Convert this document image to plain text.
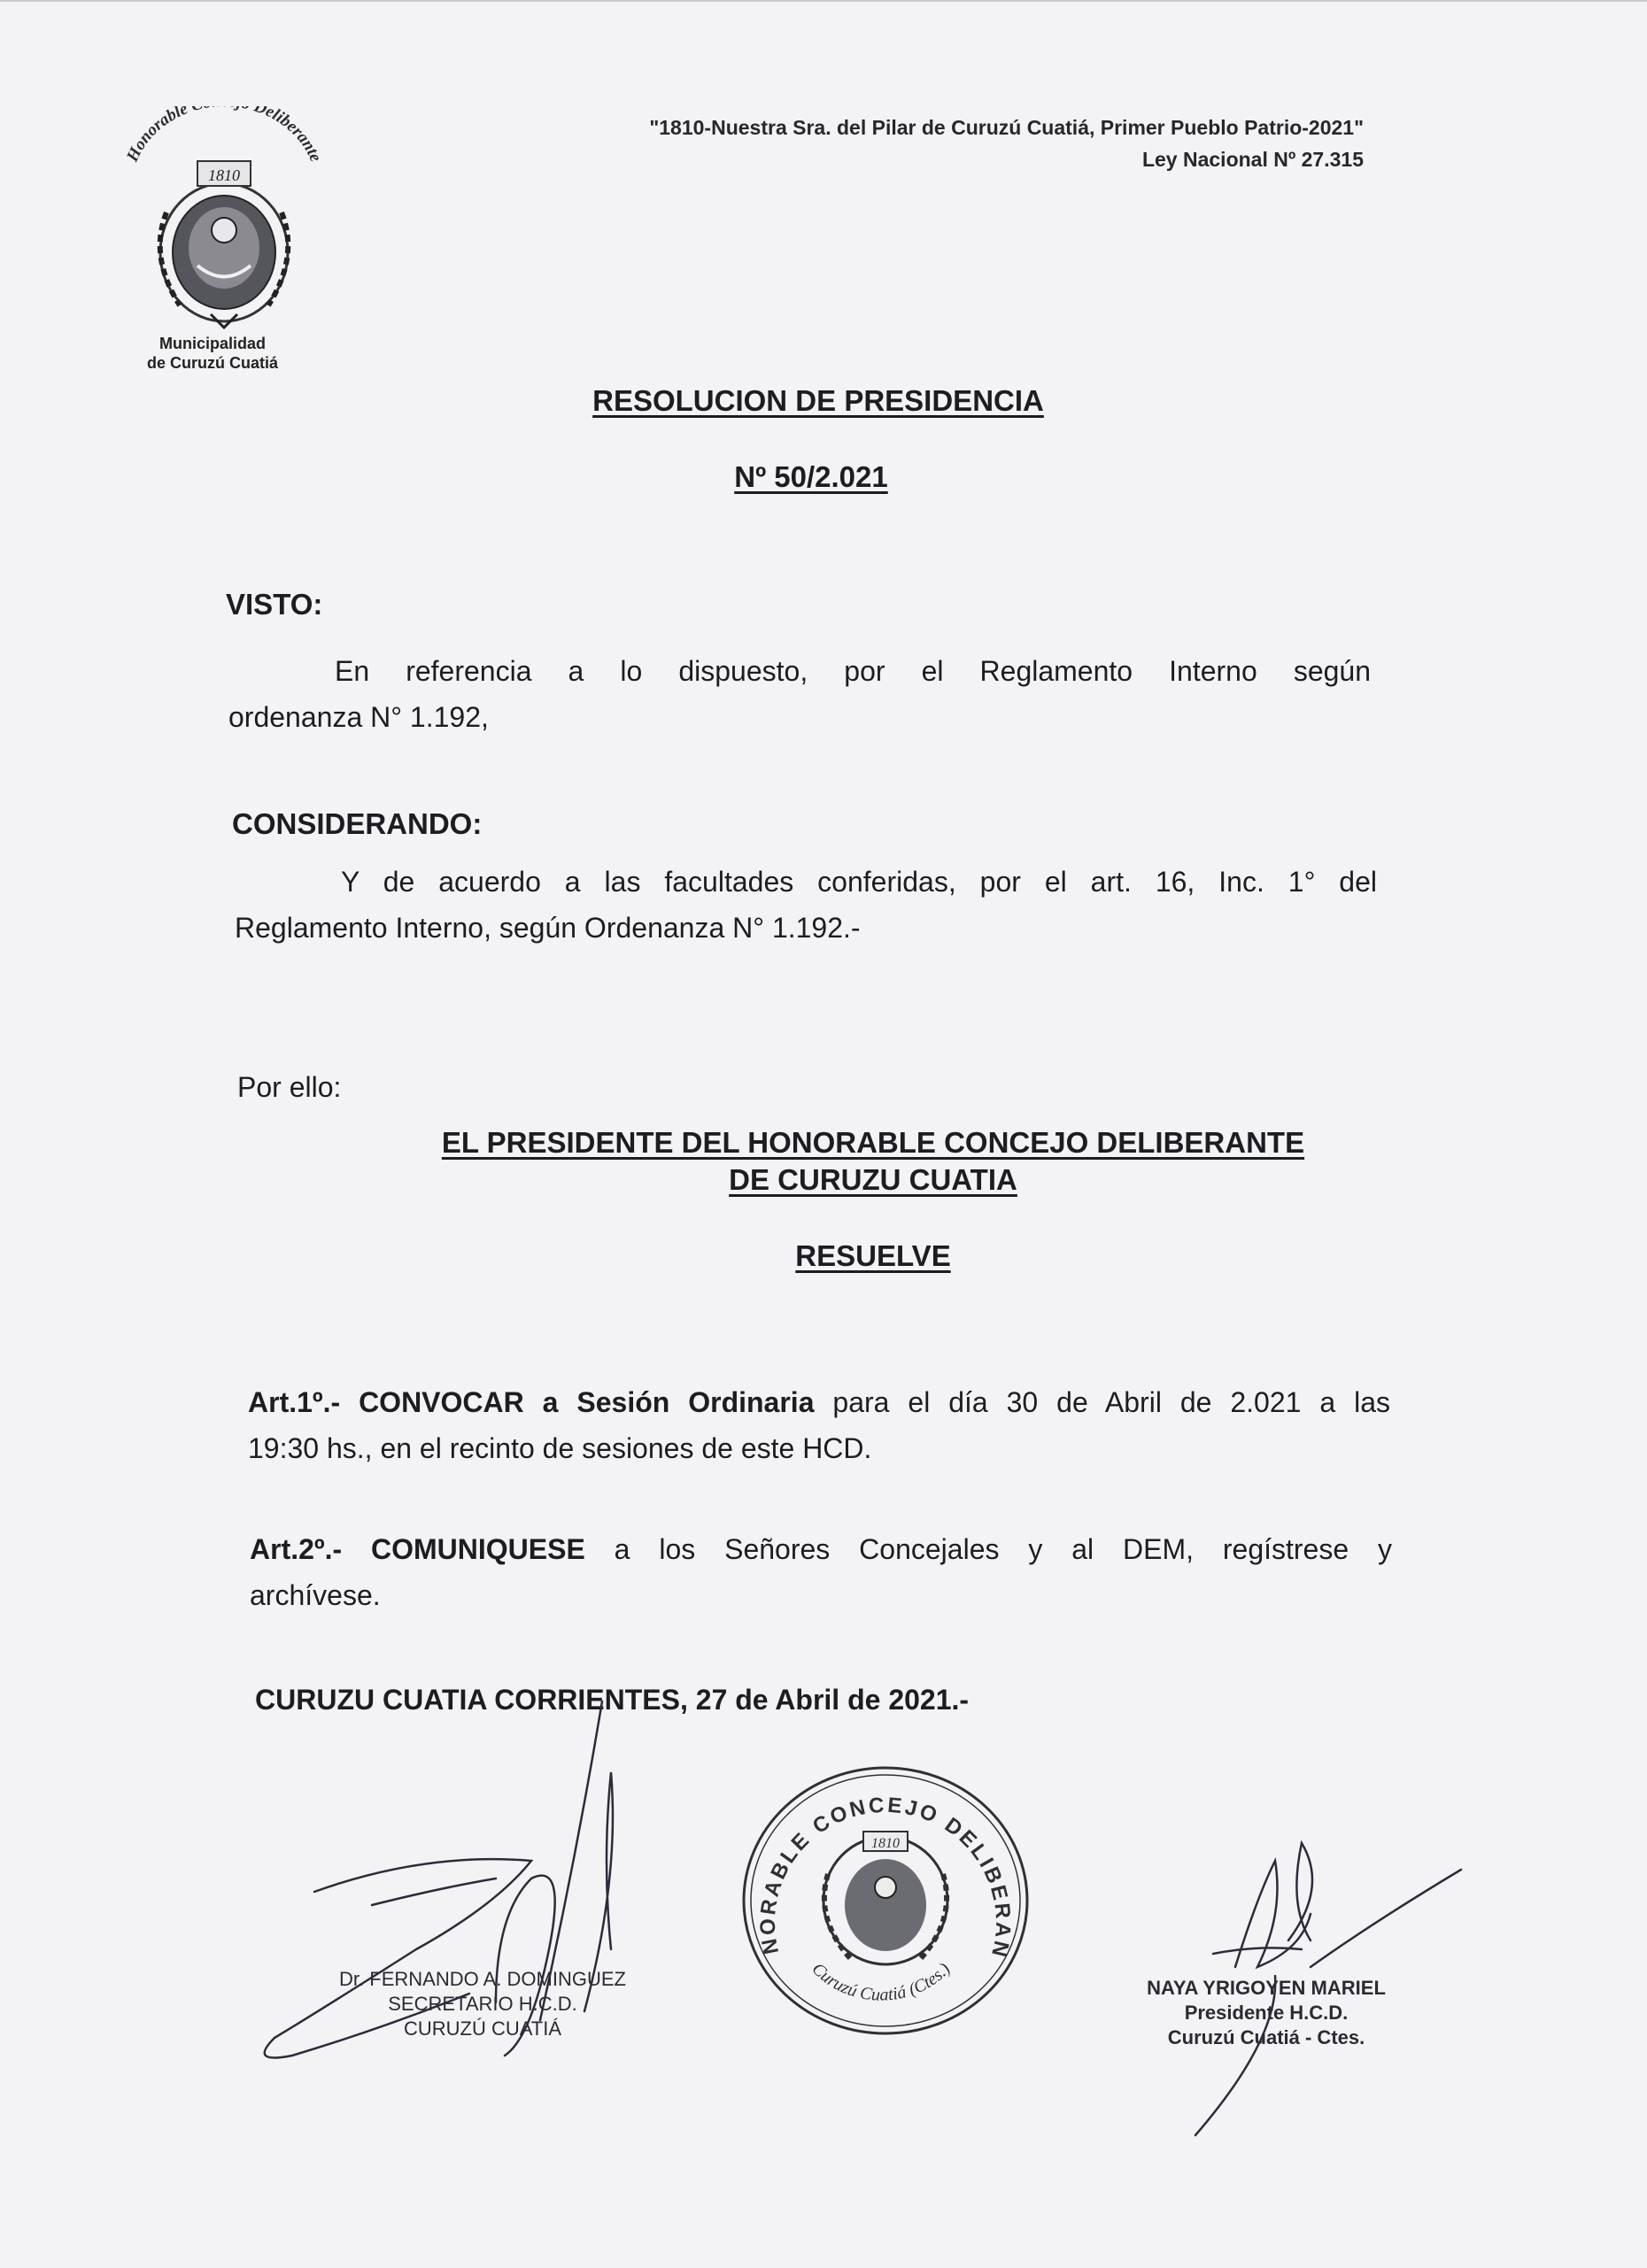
Honorable Deliberante
1810
Municipalidad
de Curuzú Cuatiá
"1810-Nuestra Sra. del Pilar de Curuzú Cuatiá, Primer Pueblo Patrio-2021"
Ley Nacional Nº 27.315
RESOLUCION DE PRESIDENCIA
Nº 50/2.021
VISTO:
En referencia a lo dispuesto, por el Reglamento Interno según
ordenanza N° 1.192,
CONSIDERANDO:
Y de acuerdo a las facultades conferidas, por el art. 16, Inc. 1° del
Reglamento Interno, según Ordenanza N° 1.192.-
Por ello:
EL PRESIDENTE DEL HONORABLE CONCEJO DELIBERANTE
DE CURUZU CUATIA
RESUELVE
Art.1º.- CONVOCAR a Sesión Ordinaria para el día 30 de Abril de 2.021 a las
19:30 hs., en el recinto de sesiones de este HCD.
Art.2º.- COMUNIQUESE a los Señores Concejales y al DEM, regístrese y
archívese.
CURUZU CUATIA CORRIENTES, 27 de Abril de 2021.-
NORABLE CONCEJO DELIBERAN
1810
Curuzú Cuatiá (Ctes.)
Dr. FERNANDO A. DOMINGUEZ
SECRETARIO H.C.D.
CURUZÚ CUATIÁ
NAYA YRIGOYEN MARIEL
Presidente H.C.D.
Curuzú Cuatiá - Ctes.
